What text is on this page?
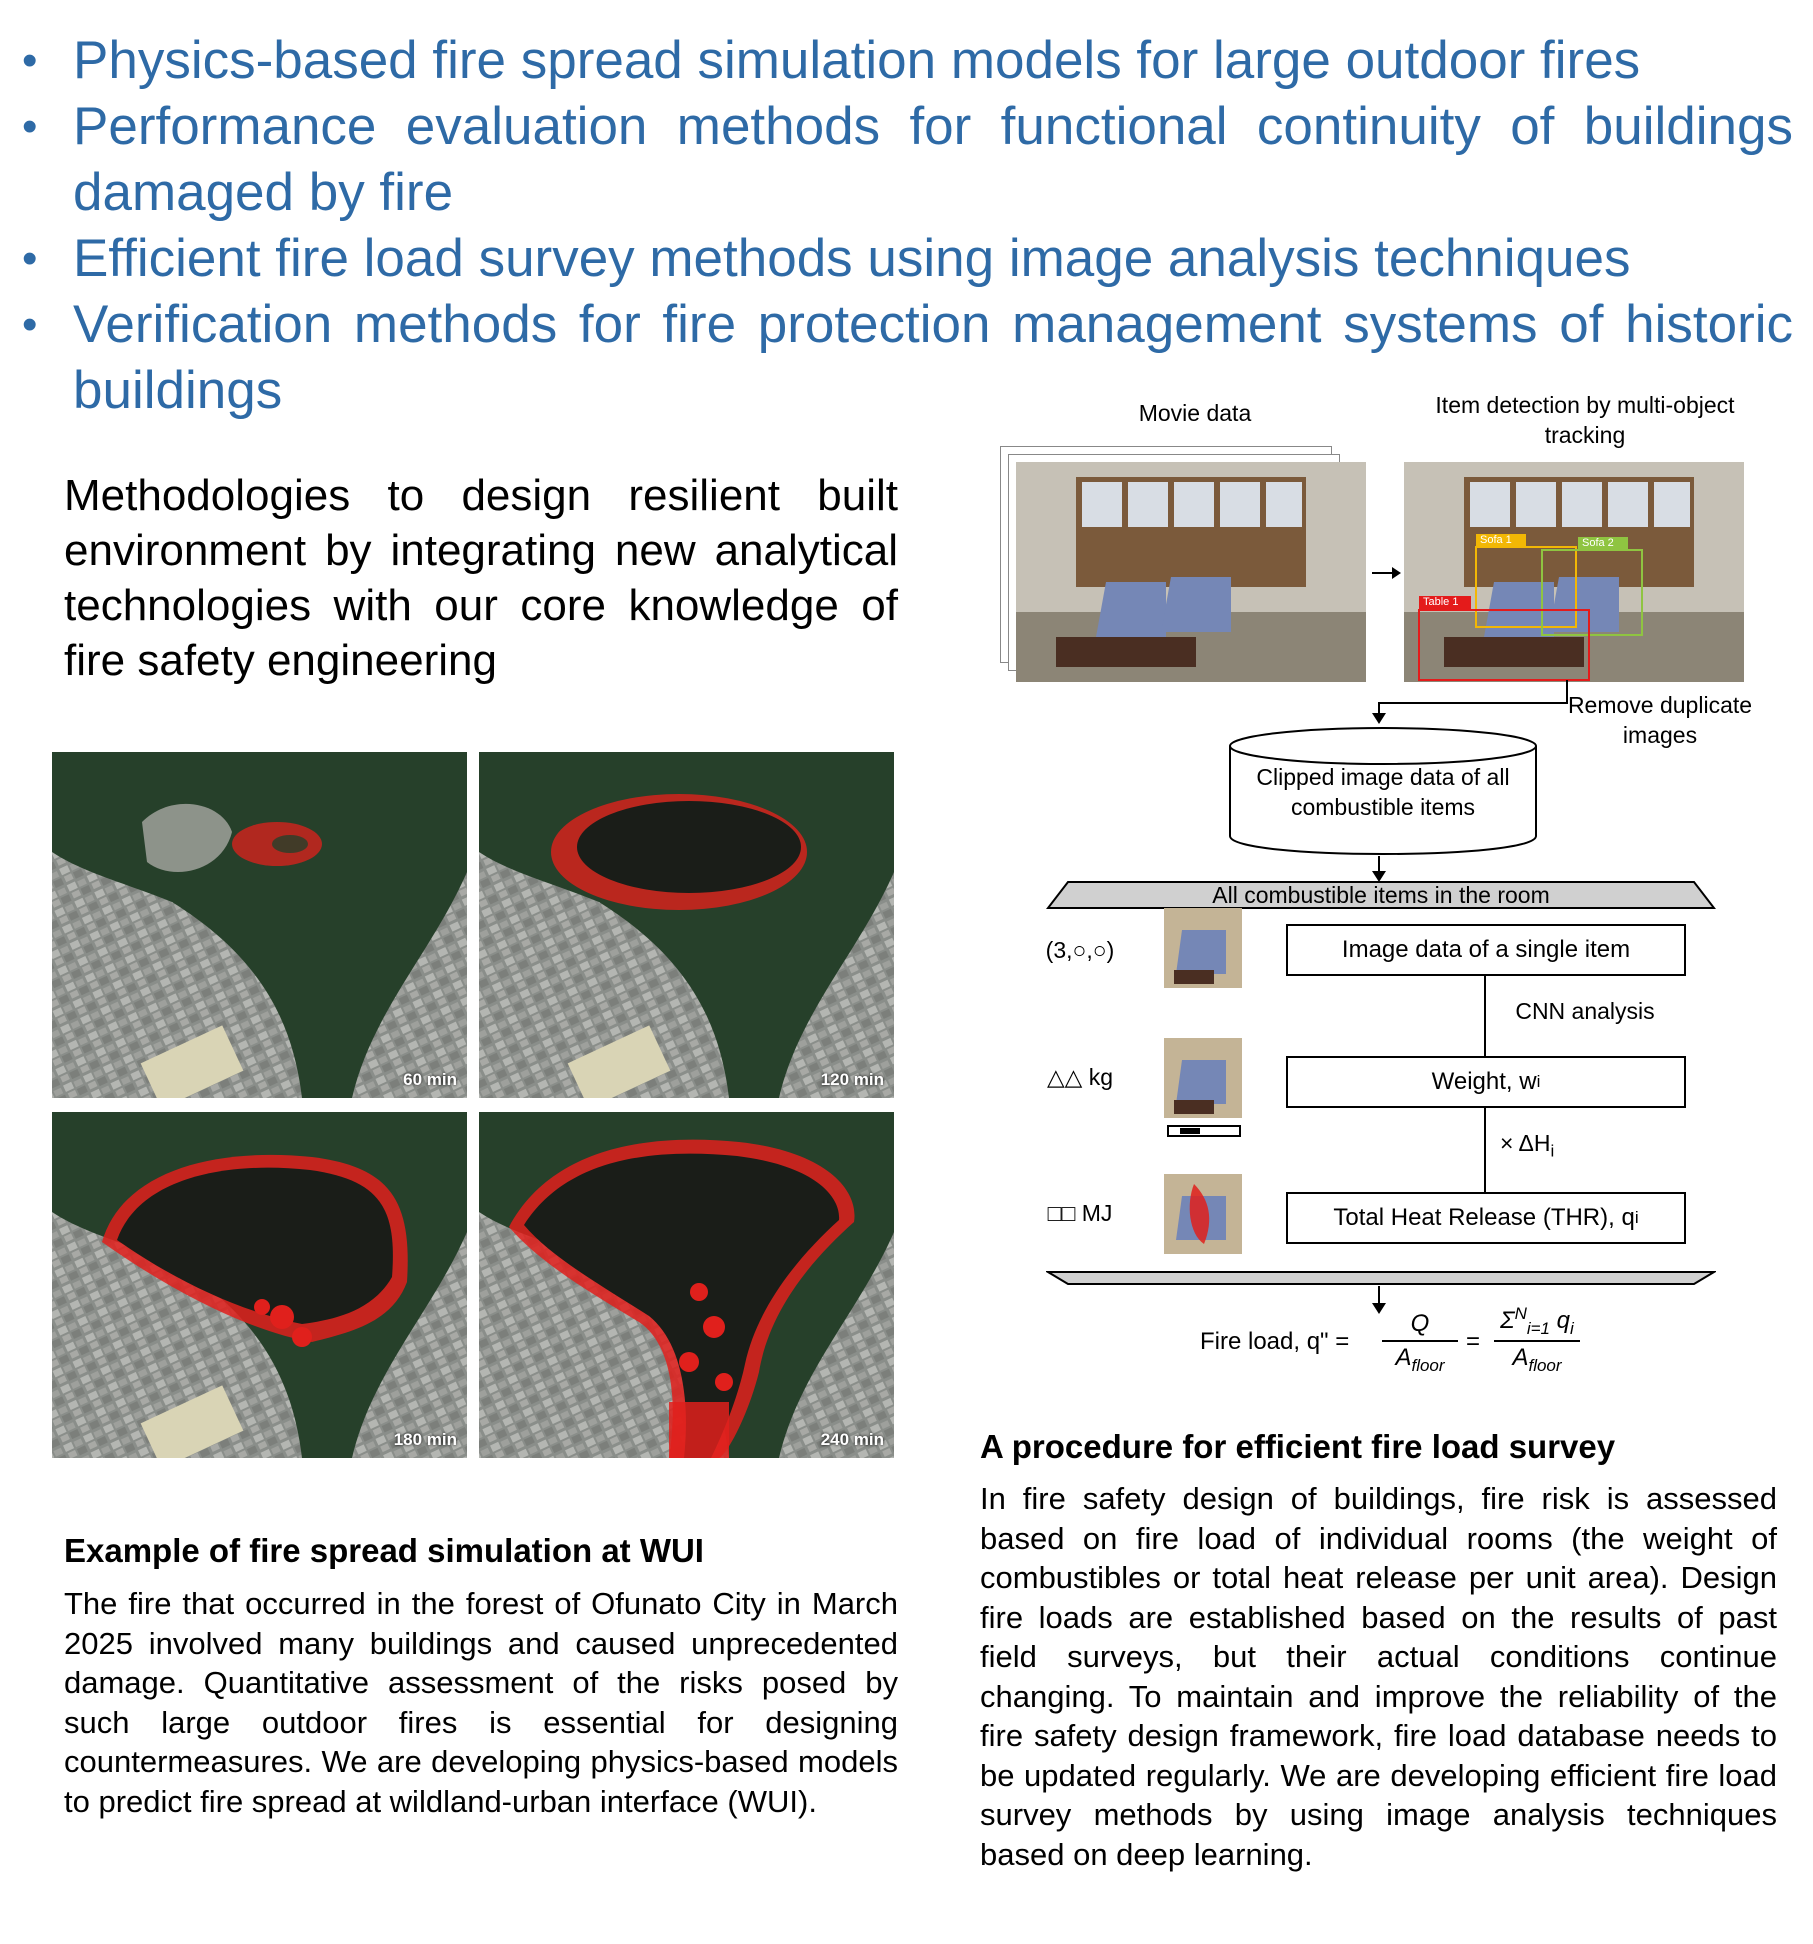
• Physics-based fire spread simulation models for large outdoor fires
• Performance evaluation methods for functional continuity of buildings damaged by fire
• Efficient fire load survey methods using image analysis techniques
• Verification methods for fire protection management systems of historic buildings
Methodologies to design resilient built environment by integrating new analytical technologies with our core knowledge of fire safety engineering
60 min	120 min
180 min	240 min
Example of fire spread simulation at WUI
The fire that occurred in the forest of Ofunato City in March 2025 involved many buildings and caused unprecedented damage. Quantitative assessment of the risks posed by such large outdoor fires is essential for designing countermeasures. We are developing physics-based models to predict fire spread at wildland-urban interface (WUI).
Movie data	Item detection by multi-object tracking
Sofa 1	Sofa 2
Table 1
Remove duplicate images
Clipped image data of all combustible items
All combustible items in the room
(3,○,○)	Image data of a single item
CNN analysis
△△ kg	Weight, w i
× $\Delta H_i$
□□ MJ	Total Heat Release (THR), q i
Fire load, q" =
Q
$A_{floor}$
=
$\Sigma^N_{i=1}$ $q_i$
$A_{floor}$
A procedure for efficient fire load survey
In fire safety design of buildings, fire risk is assessed based on fire load of individual rooms (the weight of combustibles or total heat release per unit area). Design fire loads are established based on the results of past field surveys, but their actual conditions continue changing. To maintain and improve the reliability of the fire safety design framework, fire load database needs to be updated regularly. We are developing efficient fire load survey methods by using image analysis techniques based on deep learning.
